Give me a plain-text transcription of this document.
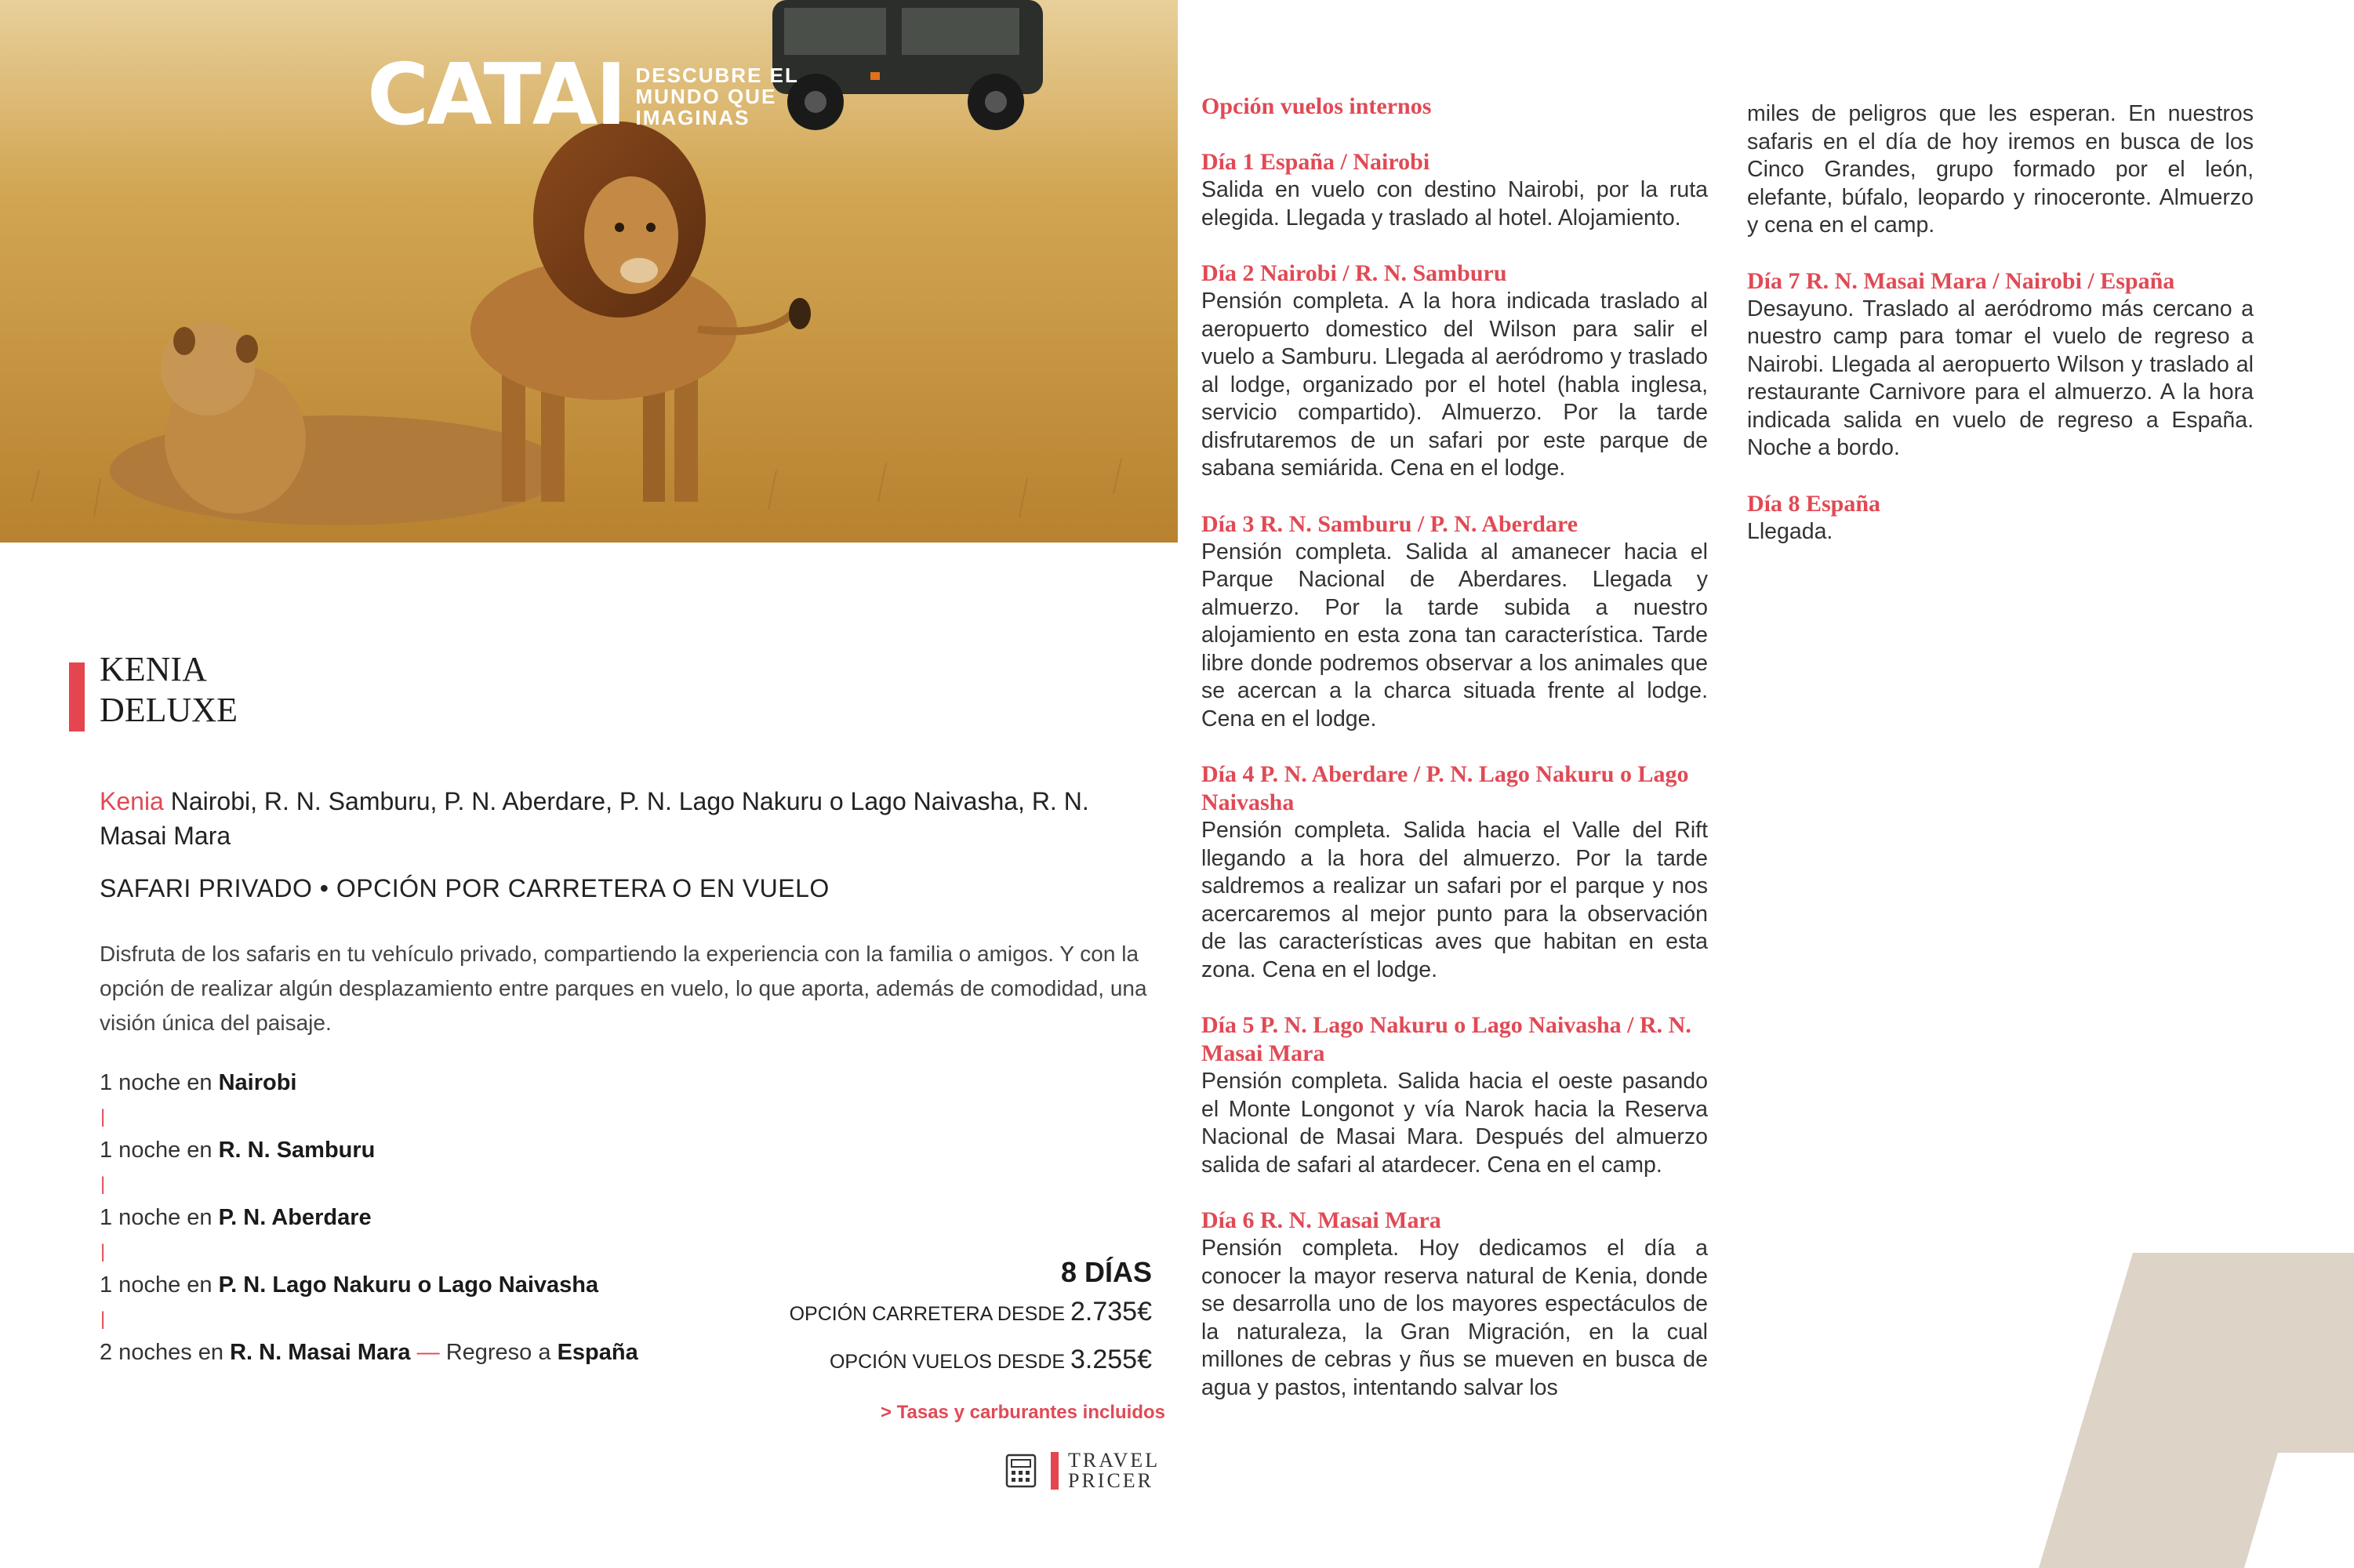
CATAI DESCUBRE EL
MUNDO QUE
IMAGINAS
KENIA
DELUXE
Kenia Nairobi, R. N. Samburu, P. N. Aberdare, P. N. Lago Nakuru o Lago Naivasha, R. N. Masai Mara
SAFARI PRIVADO • OPCIÓN POR CARRETERA O EN VUELO
Disfruta de los safaris en tu vehículo privado, compartiendo la experiencia con la familia o amigos. Y con la opción de realizar algún desplazamiento entre parques en vuelo, lo que aporta, además de comodidad, una visión única del paisaje.
1 noche en Nairobi
|
1 noche en R. N. Samburu
|
1 noche en P. N. Aberdare
|
1 noche en P. N. Lago Nakuru o Lago Naivasha
|
2 noches en R. N. Masai Mara — Regreso a España
8 DÍAS
OPCIÓN CARRETERA DESDE 2.735€
OPCIÓN VUELOS DESDE 3.255€
> Tasas y carburantes incluidos
TRAVEL
PRICER
Opción vuelos internos
Día 1 España / Nairobi
Salida en vuelo con destino Nairobi, por la ruta elegida. Llegada y traslado al hotel. Alojamiento.
Día 2 Nairobi / R. N. Samburu
Pensión completa. A la hora indicada traslado al aeropuerto domestico del Wilson para salir el vuelo a Samburu. Llegada al aeródromo y traslado al lodge, organizado por el hotel (habla inglesa, servicio compartido). Almuerzo. Por la tarde disfrutaremos de un safari por este parque de sabana semiárida. Cena en el lodge.
Día 3 R. N. Samburu / P. N. Aberdare
Pensión completa. Salida al amanecer hacia el Parque Nacional de Aberdares. Llegada y almuerzo. Por la tarde subida a nuestro alojamiento en esta zona tan característica. Tarde libre donde podremos observar a los animales que se acercan a la charca situada frente al lodge. Cena en el lodge.
Día 4 P. N. Aberdare / P. N. Lago Nakuru o Lago Naivasha
Pensión completa. Salida hacia el Valle del Rift llegando a la hora del almuerzo. Por la tarde saldremos a realizar un safari por el parque y nos acercaremos al mejor punto para la observación de las características aves que habitan en esta zona. Cena en el lodge.
Día 5 P. N. Lago Nakuru o Lago Naivasha / R. N. Masai Mara
Pensión completa. Salida hacia el oeste pasando el Monte Longonot y vía Narok hacia la Reserva Nacional de Masai Mara. Después del almuerzo salida de safari al atardecer. Cena en el camp.
Día 6 R. N. Masai Mara
Pensión completa. Hoy dedicamos el día a conocer la mayor reserva natural de Kenia, donde se desarrolla uno de los mayores espectáculos de la naturaleza, la Gran Migración, en la cual millones de cebras y ñus se mueven en busca de agua y pastos, intentando salvar los
miles de peligros que les esperan. En nuestros safaris en el día de hoy iremos en busca de los Cinco Grandes, grupo formado por el león, elefante, búfalo, leopardo y rinoceronte. Almuerzo y cena en el camp.
Día 7 R. N. Masai Mara / Nairobi / España
Desayuno. Traslado al aeródromo más cercano a nuestro camp para tomar el vuelo de regreso a Nairobi. Llegada al aeropuerto Wilson y traslado al restaurante Carnivore para el almuerzo. A la hora indicada salida en vuelo de regreso a España. Noche a bordo.
Día 8 España
Llegada.
